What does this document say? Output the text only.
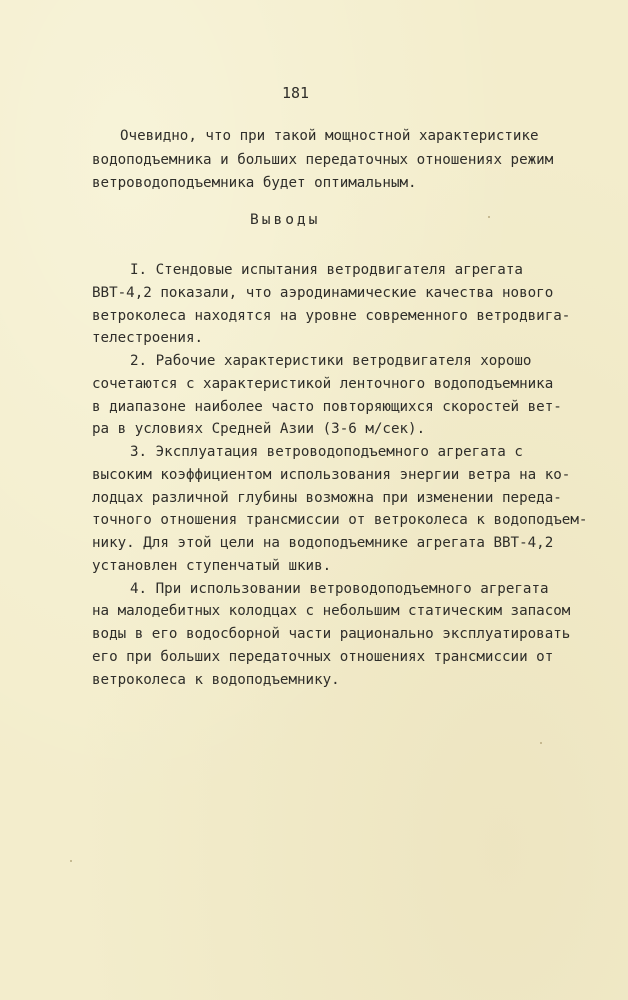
181
Очевидно, что при такой мощностной характеристике
водоподъемника и больших передаточных отношениях режим
ветроводоподъемника будет оптимальным.
Выводы
I. Стендовые испытания ветродвигателя агрегата
ВВТ-4,2 показали, что аэродинамические качества нового
ветроколеса находятся на уровне современного ветродвига-
телестроения.
2. Рабочие характеристики ветродвигателя хорошо
сочетаются с характеристикой ленточного водоподъемника
в диапазоне наиболее часто повторяющихся скоростей вет-
ра в условиях Средней Азии (3-6 м/сек).
3. Эксплуатация ветроводоподъемного агрегата с
высоким коэффициентом использования энергии ветра на ко-
лодцах различной глубины возможна при изменении переда-
точного отношения трансмиссии от ветроколеса к водоподъем-
нику. Для этой цели на водоподъемнике агрегата ВВТ-4,2
установлен ступенчатый шкив.
4. При использовании ветроводоподъемного агрегата
на малодебитных колодцах с небольшим статическим запасом
воды в его водосборной части рационально эксплуатировать
его при больших передаточных отношениях трансмиссии от
ветроколеса к водоподъемнику.
